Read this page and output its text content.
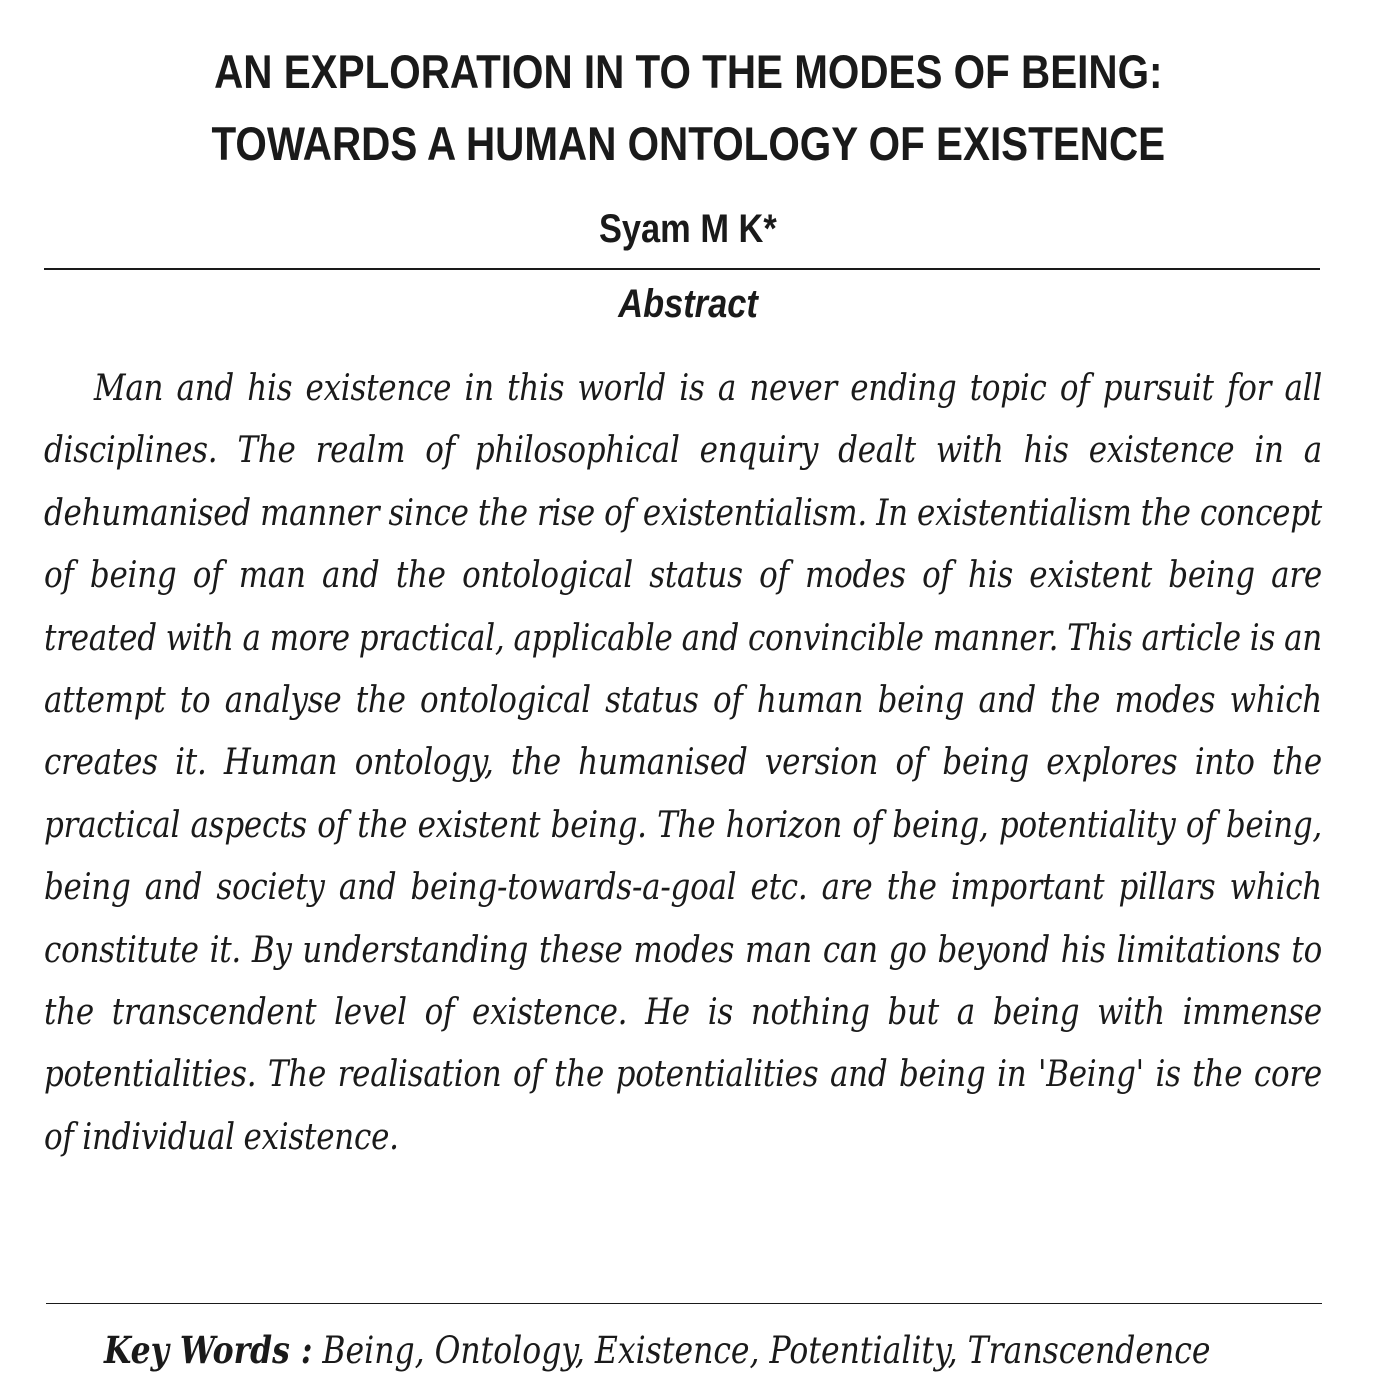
AN EXPLORATION IN TO THE MODES OF BEING:
TOWARDS A HUMAN ONTOLOGY OF EXISTENCE

Syam M K*

Abstract

Man and his existence in this world is a never ending topic of pursuit for all disciplines. The realm of philosophical enquiry dealt with his existence in a dehumanised manner since the rise of existentialism. In existentialism the concept of being of man and the ontological status of modes of his existent being are treated with a more practical, applicable and convincible manner. This article is an attempt to analyse the ontological status of human being and the modes which creates it. Human ontology, the humanised version of being explores into the practical aspects of the existent being. The horizon of being, potentiality of being, being and society and being-towards-a-goal etc. are the important pillars which constitute it. By understanding these modes man can go beyond his limitations to the transcendent level of existence. He is nothing but a being with immense potentialities. The realisation of the potentialities and being in 'Being' is the core of individual existence.

Key Words : Being, Ontology, Existence, Potentiality, Transcendence
